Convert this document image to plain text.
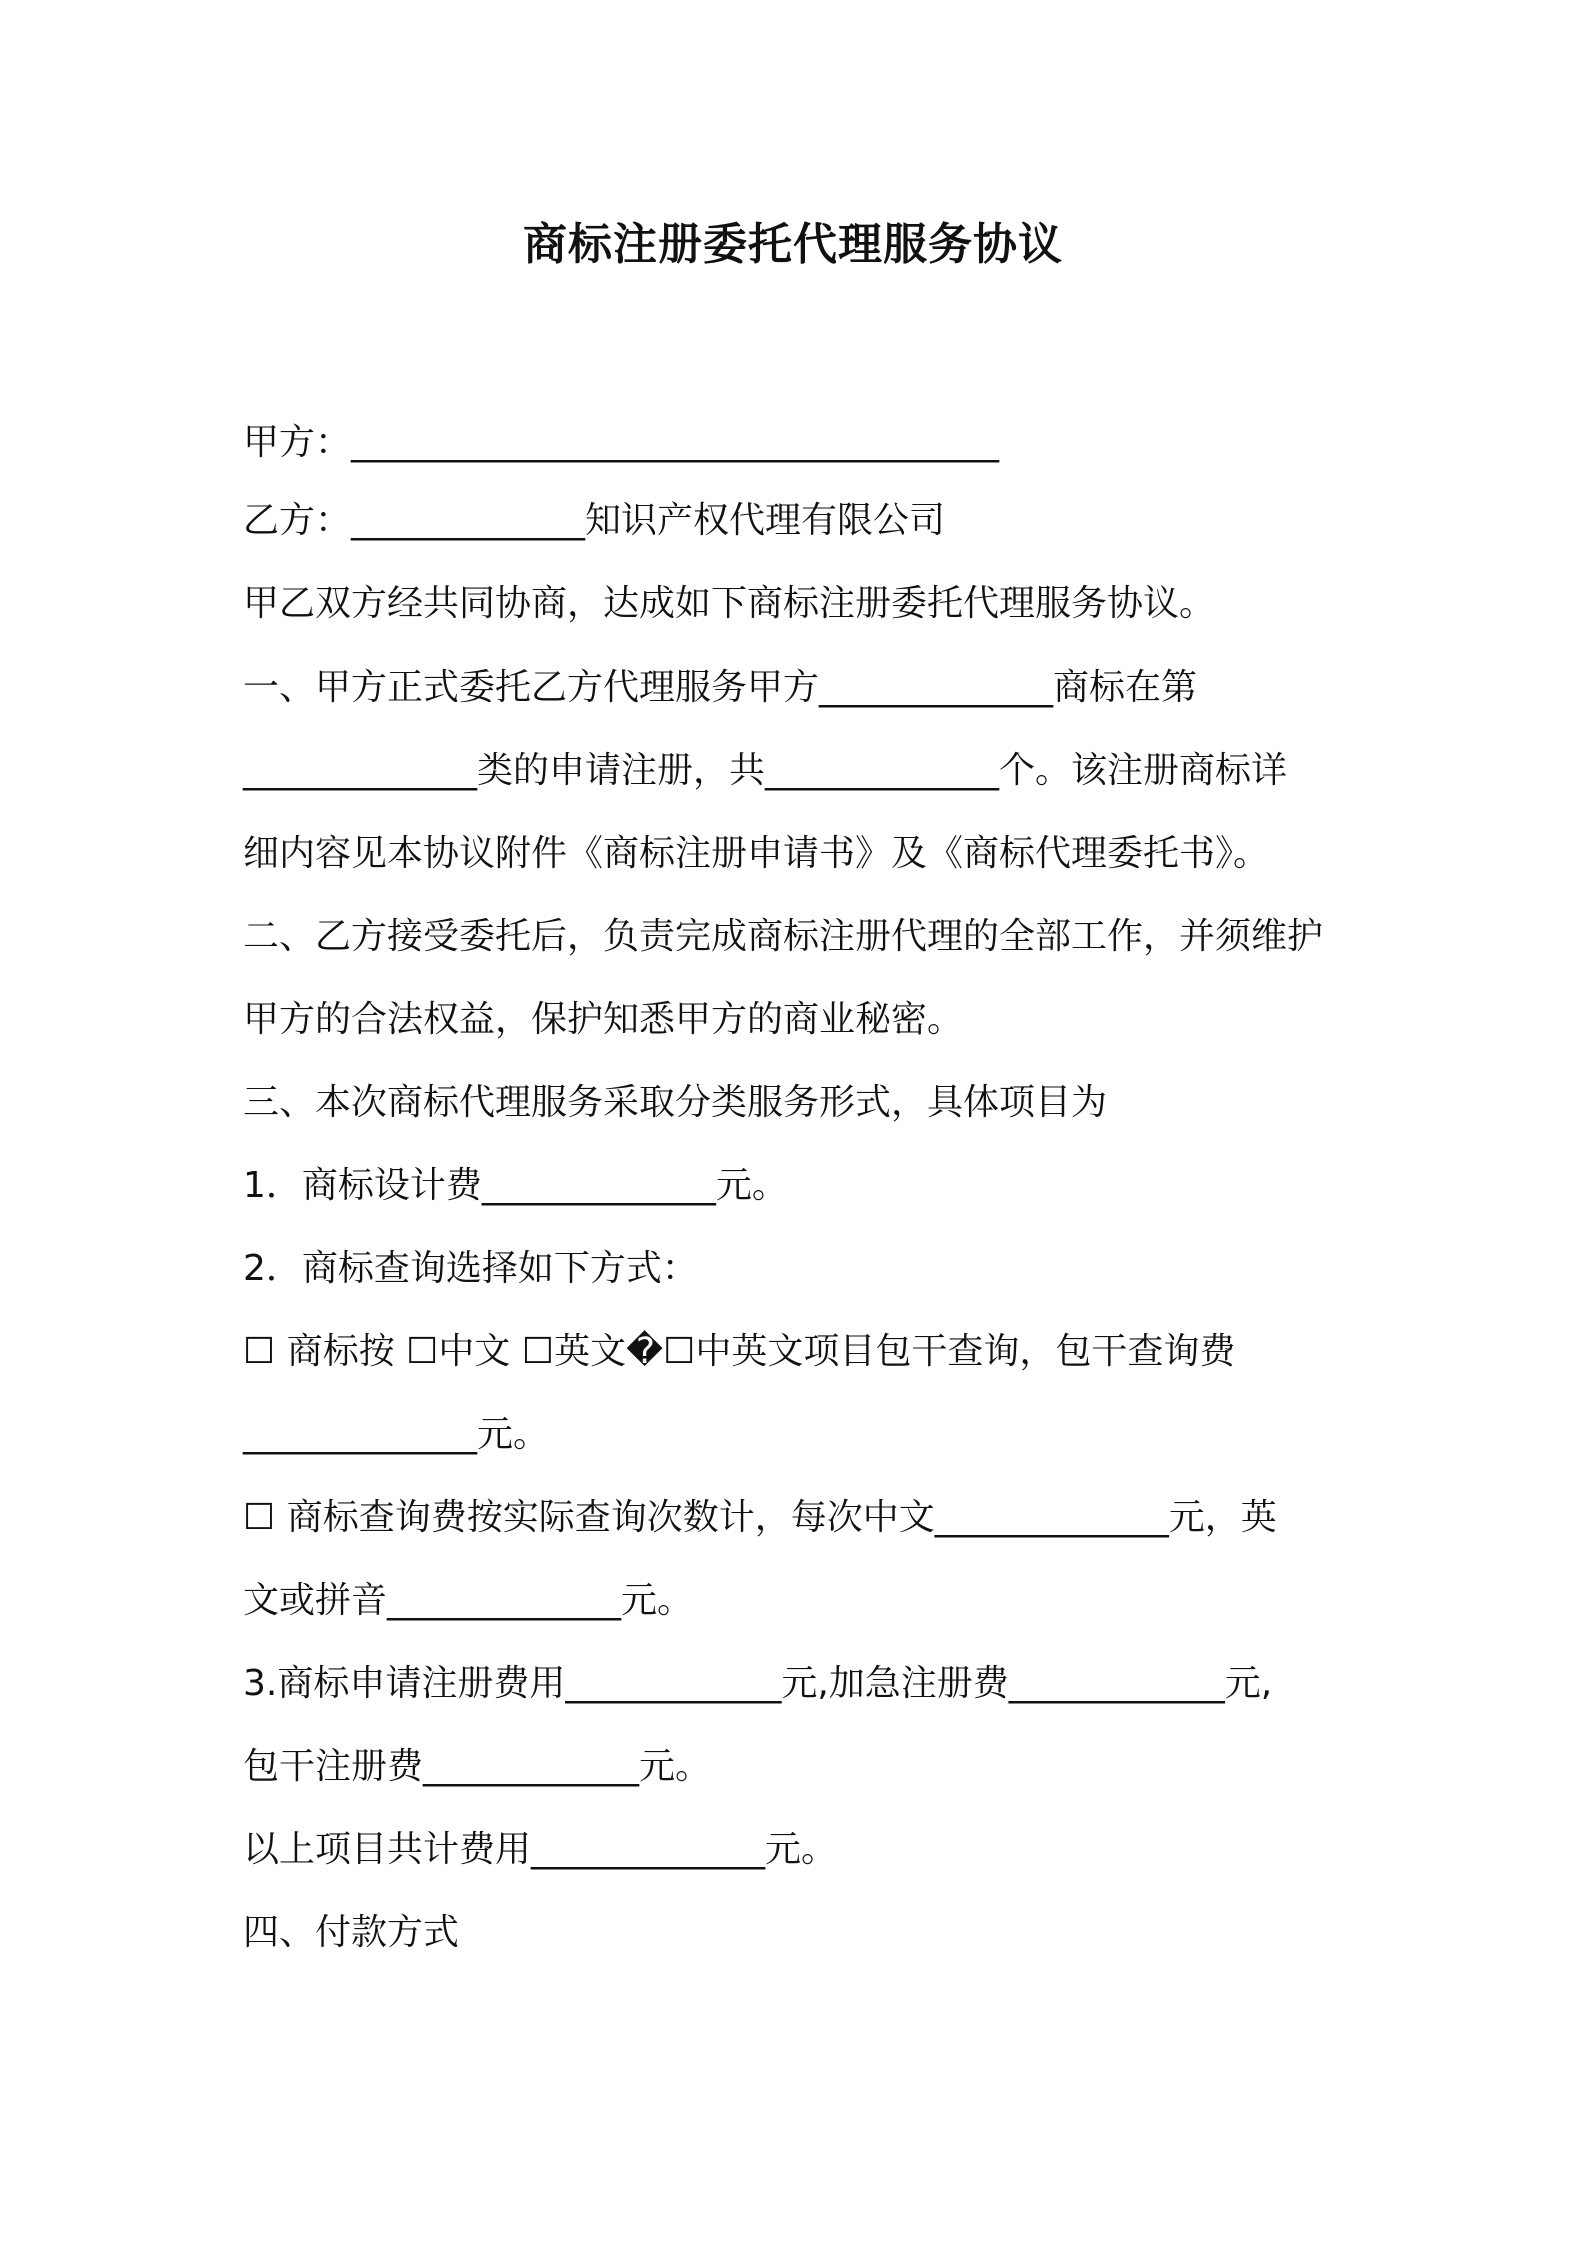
商标注册委托代理服务协议

甲方：____________________________________

乙方：_____________知识产权代理有限公司

甲乙双方经共同协商，达成如下商标注册委托代理服务协议。

一、甲方正式委托乙方代理服务甲方_____________商标在第

_____________类的申请注册，共_____________个。该注册商标详

细内容见本协议附件《商标注册申请书》及《商标代理委托书》。

二、乙方接受委托后，负责完成商标注册代理的全部工作，并须维护

甲方的合法权益，保护知悉甲方的商业秘密。

三、本次商标代理服务采取分类服务形式，具体项目为

1．商标设计费_____________元。

2．商标查询选择如下方式：

☐ 商标按 ☐中文 ☐英文�☐中英文项目包干查询，包干查询费

_____________元。

☐ 商标查询费按实际查询次数计，每次中文_____________元，英

文或拼音_____________元。

3.商标申请注册费用____________元,加急注册费____________元,

包干注册费____________元。

以上项目共计费用_____________元。

四、付款方式
